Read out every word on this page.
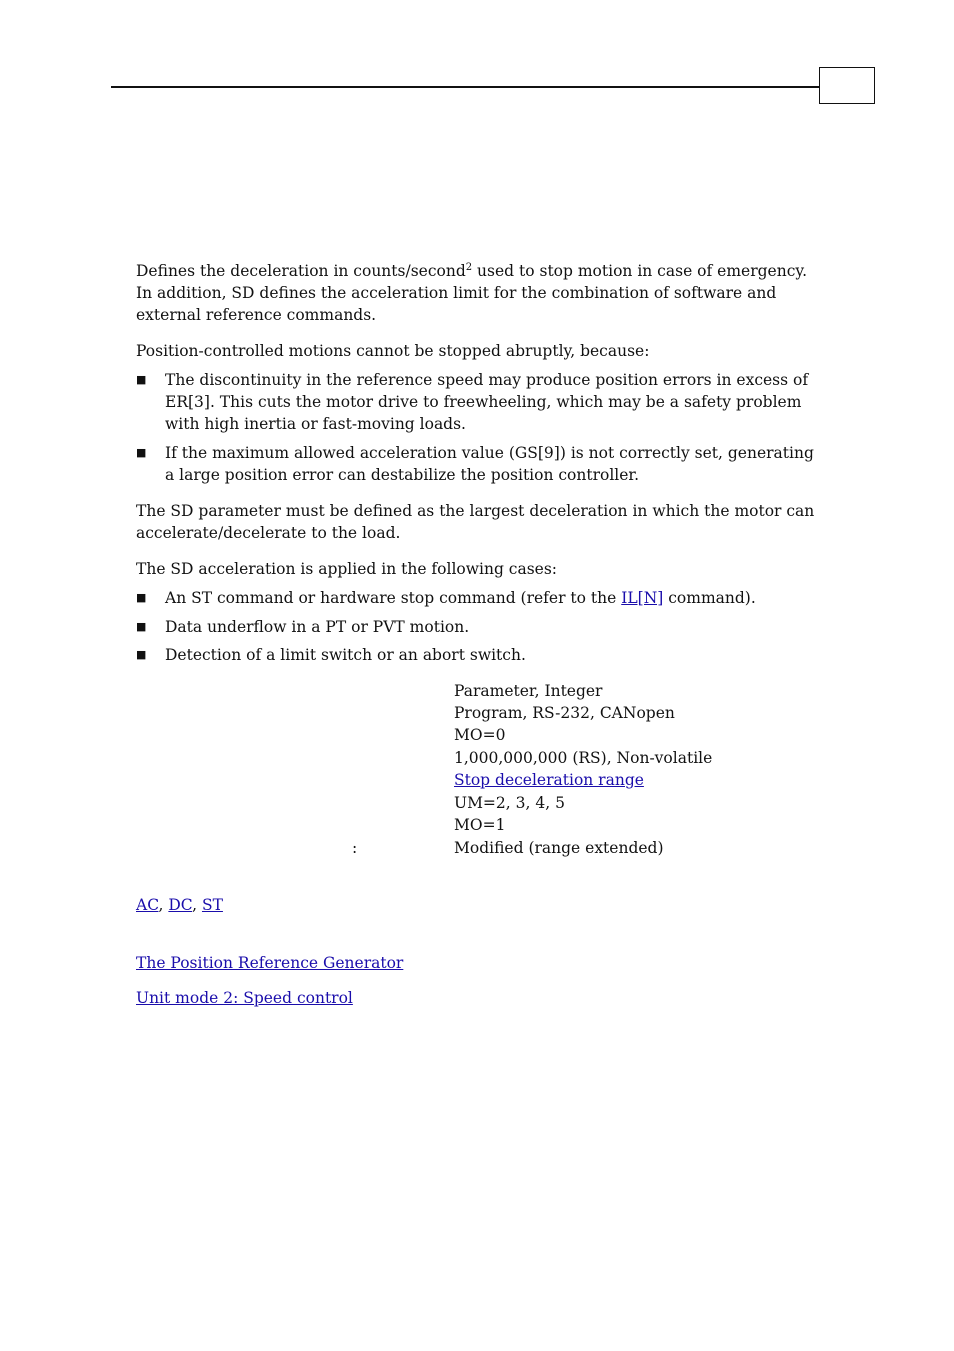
Defines the deceleration in counts/second$^2$ used to stop motion in case of emergency.
In addition, SD defines the acceleration limit for the combination of software and external reference commands.

Position-controlled motions cannot be stopped abruptly, because:

■ The discontinuity in the reference speed may produce position errors in excess of ER[3]. This cuts the motor drive to freewheeling, which may be a safety problem with high inertia or fast-moving loads.
■ If the maximum allowed acceleration value (GS[9]) is not correctly set, generating a large position error can destabilize the position controller.

The SD parameter must be defined as the largest deceleration in which the motor can accelerate/decelerate to the load.

The SD acceleration is applied in the following cases:

■ An ST command or hardware stop command (refer to the IL[N] command).
■ Data underflow in a PT or PVT motion.
■ Detection of a limit switch or an abort switch.
Parameter, Integer
Program, RS-232, CANopen
MO=0
1,000,000,000 (RS), Non-volatile
Stop deceleration range
UM=2, 3, 4, 5
MO=1
:	Modified (range extended)

AC, DC, ST

The Position Reference Generator

Unit mode 2: Speed control
